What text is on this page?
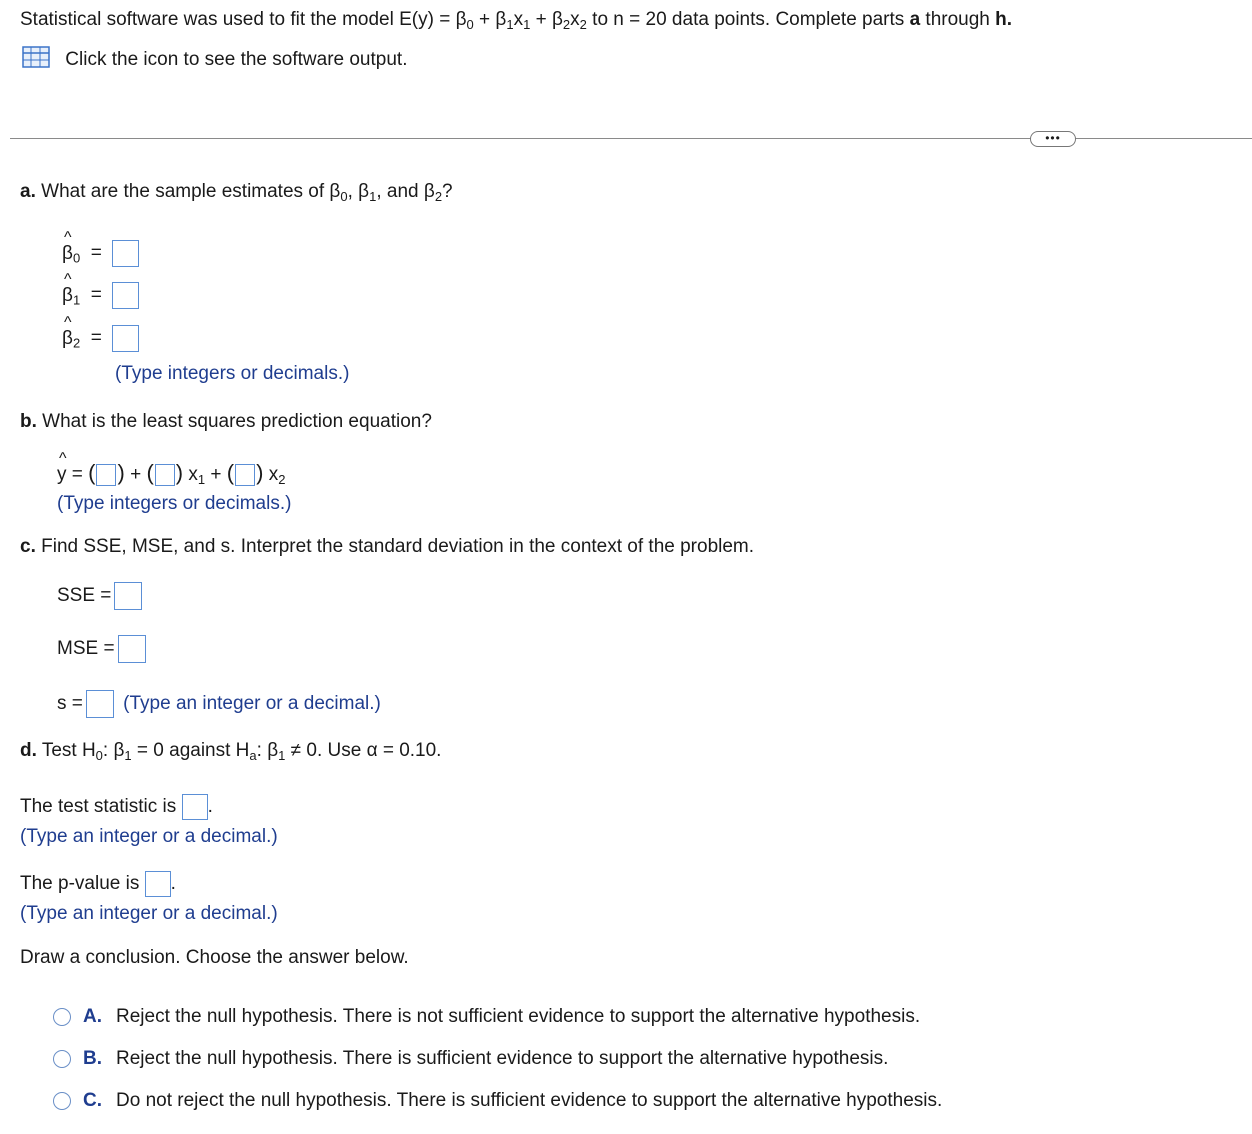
Statistical software was used to fit the model $E(y) = \beta_0 + \beta_1x_1 + \beta_2x_2$ to n = 20 data points. Complete parts a through h.
Click the icon to see the software output.
•••
a. What are the sample estimates of $\beta_0$, $\beta_1$, and $\beta_2$?
^ $\beta_0$  =
^ $\beta_1$  =
^ $\beta_2$  =
(Type integers or decimals.)
b. What is the least squares prediction equation?
^ y = ( ) + ( ) $x_1$ + ( ) $x_2$
(Type integers or decimals.)
c. Find SSE, MSE, and s. Interpret the standard deviation in the context of the problem.
SSE =
MSE =
s = (Type an integer or a decimal.)
d. Test $H_0$: $\beta_1 = 0$ against $H_a$: $\beta_1 \ne 0$. Use α = 0.10.
The test statistic is .
(Type an integer or a decimal.)
The p-value is .
(Type an integer or a decimal.)
Draw a conclusion. Choose the answer below.
A. Reject the null hypothesis. There is not sufficient evidence to support the alternative hypothesis.
B. Reject the null hypothesis. There is sufficient evidence to support the alternative hypothesis.
C. Do not reject the null hypothesis. There is sufficient evidence to support the alternative hypothesis.
